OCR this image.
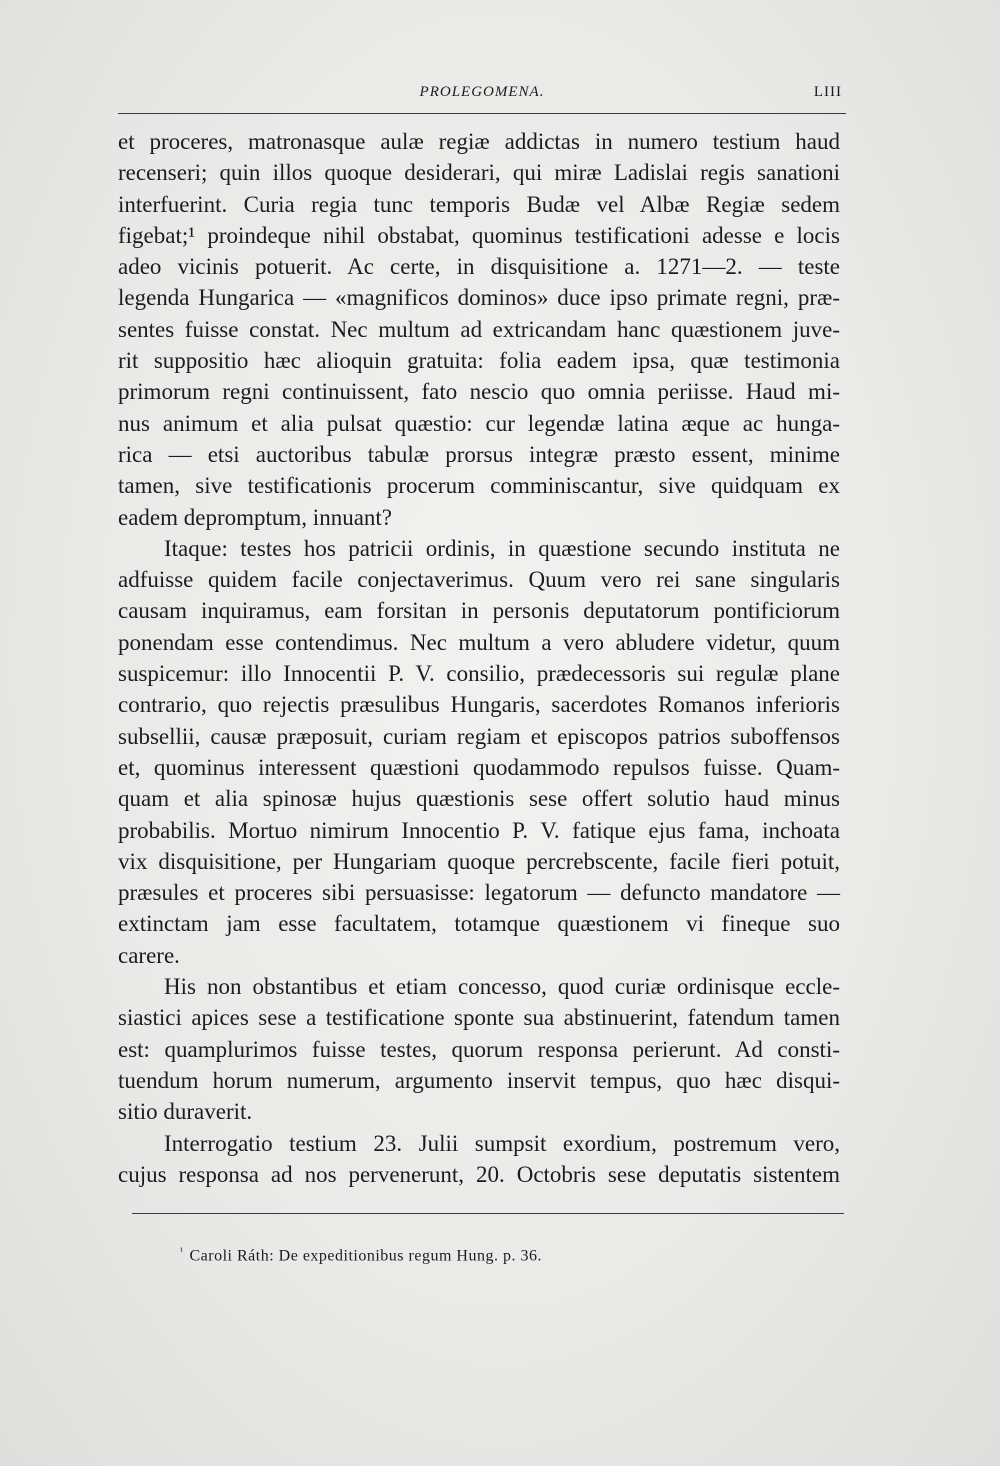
PROLEGOMENA.	LIII
et proceres, matronasque aulæ regiæ addictas in numero testium haud
recenseri; quin illos quoque desiderari, qui miræ Ladislai regis sanationi
interfuerint. Curia regia tunc temporis Budæ vel Albæ Regiæ sedem
figebat;¹ proindeque nihil obstabat, quominus testificationi adesse e locis
adeo vicinis potuerit. Ac certe, in disquisitione a. 1271—2. — teste
legenda Hungarica — «magnificos dominos» duce ipso primate regni, præ-
sentes fuisse constat. Nec multum ad extricandam hanc quæstionem juve-
rit suppositio hæc alioquin gratuita: folia eadem ipsa, quæ testimonia
primorum regni continuissent, fato nescio quo omnia periisse. Haud mi-
nus animum et alia pulsat quæstio: cur legendæ latina æque ac hunga-
rica — etsi auctoribus tabulæ prorsus integræ præsto essent, minime
tamen, sive testificationis procerum comminiscantur, sive quidquam ex
eadem depromptum, innuant?
Itaque: testes hos patricii ordinis, in quæstione secundo instituta ne
adfuisse quidem facile conjectaverimus. Quum vero rei sane singularis
causam inquiramus, eam forsitan in personis deputatorum pontificiorum
ponendam esse contendimus. Nec multum a vero abludere videtur, quum
suspicemur: illo Innocentii P. V. consilio, prædecessoris sui regulæ plane
contrario, quo rejectis præsulibus Hungaris, sacerdotes Romanos inferioris
subsellii, causæ præposuit, curiam regiam et episcopos patrios suboffensos
et, quominus interessent quæstioni quodammodo repulsos fuisse. Quam-
quam et alia spinosæ hujus quæstionis sese offert solutio haud minus
probabilis. Mortuo nimirum Innocentio P. V. fatique ejus fama, inchoata
vix disquisitione, per Hungariam quoque percrebscente, facile fieri potuit,
præsules et proceres sibi persuasisse: legatorum — defuncto mandatore —
extinctam jam esse facultatem, totamque quæstionem vi fineque suo
carere.
His non obstantibus et etiam concesso, quod curiæ ordinisque eccle-
siastici apices sese a testificatione sponte sua abstinuerint, fatendum tamen
est: quamplurimos fuisse testes, quorum responsa perierunt. Ad consti-
tuendum horum numerum, argumento inservit tempus, quo hæc disqui-
sitio duraverit.
Interrogatio testium 23. Julii sumpsit exordium, postremum vero,
cujus responsa ad nos pervenerunt, 20. Octobris sese deputatis sistentem
$^{^1}$ Caroli Ráth: De expeditionibus regum Hung. p. 36.
